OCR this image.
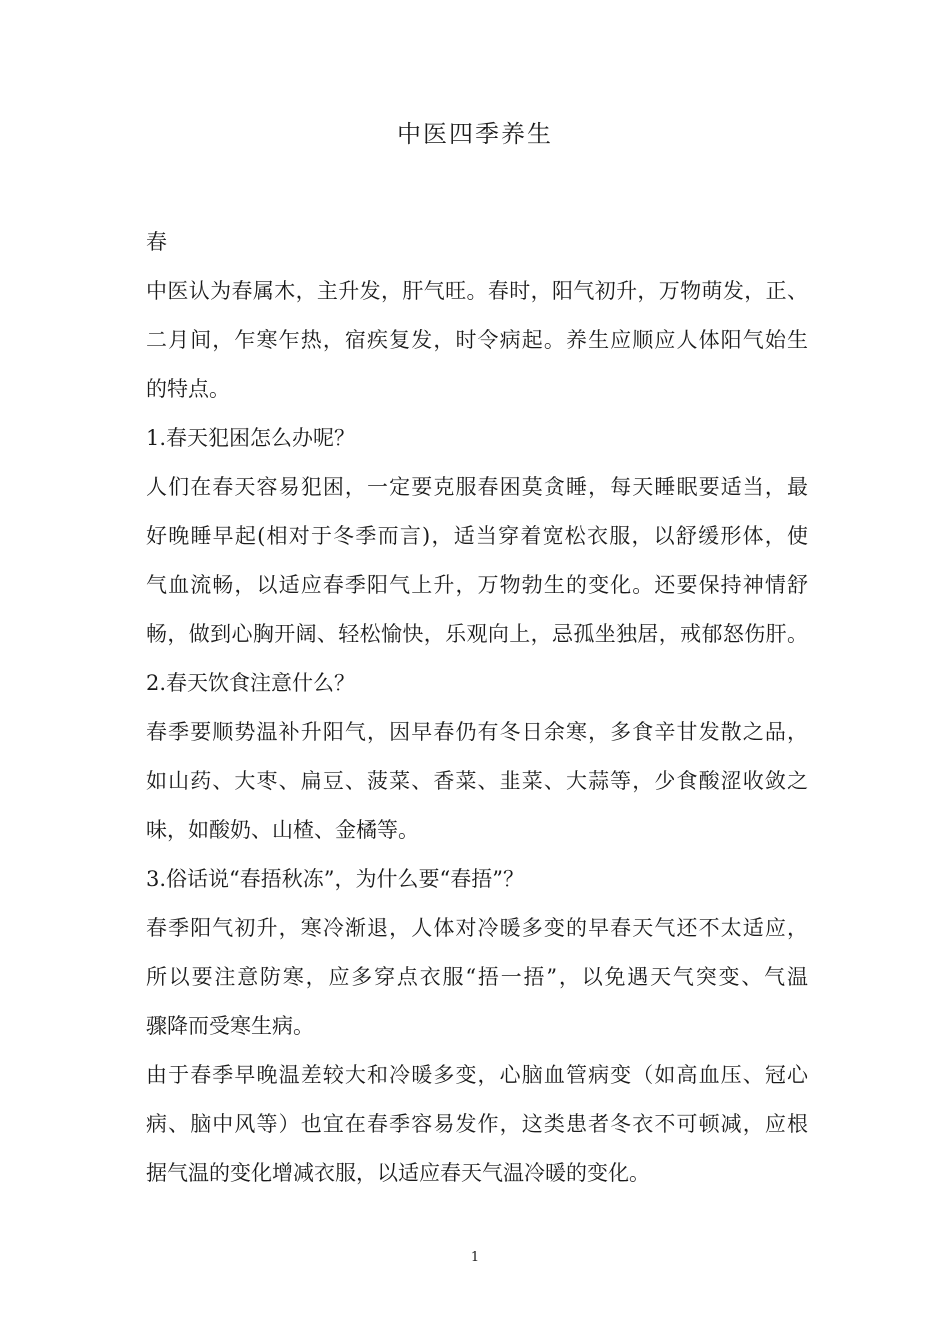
中医四季养生
春
中医认为春属木，主升发，肝气旺。春时，阳气初升，万物萌发，正、
二月间，乍寒乍热，宿疾复发，时令病起。养生应顺应人体阳气始生
的特点。
1.春天犯困怎么办呢？
人们在春天容易犯困，一定要克服春困莫贪睡，每天睡眠要适当，最
好晚睡早起(相对于冬季而言)，适当穿着宽松衣服，以舒缓形体，使
气血流畅，以适应春季阳气上升，万物勃生的变化。还要保持神情舒
畅，做到心胸开阔、轻松愉快，乐观向上，忌孤坐独居，戒郁怒伤肝。
2.春天饮食注意什么？
春季要顺势温补升阳气，因早春仍有冬日余寒，多食辛甘发散之品，
如山药、大枣、扁豆、菠菜、香菜、韭菜、大蒜等，少食酸涩收敛之
味，如酸奶、山楂、金橘等。
3.俗话说“春捂秋冻”，为什么要“春捂”？
春季阳气初升，寒冷渐退，人体对冷暖多变的早春天气还不太适应，
所以要注意防寒，应多穿点衣服“捂一捂”，以免遇天气突变、气温
骤降而受寒生病。
由于春季早晚温差较大和冷暖多变，心脑血管病变（如高血压、冠心
病、脑中风等）也宜在春季容易发作，这类患者冬衣不可顿减，应根
据气温的变化增减衣服，以适应春天气温冷暖的变化。
1
